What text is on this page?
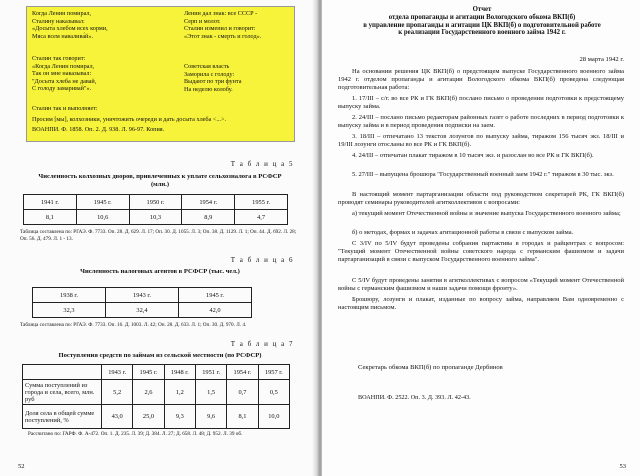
Когда Ленин помирал,
Сталину наказывал:
«Досыта хлебом всех корми,
Мяса всем навалива́й».
Ленин дал знак: все СССР -
Серп и молот.
Сталин изменил и говорит:
«Этот знак - смерть и голод».
Сталин так говорит:
«Когда Ленин помирал,
Так он мне наказывал:
"Досыта хлеба не давай,
С голоду замаривай"».
Советская власть
Заморила с голоду:
Выдают по три фунта
На неделю колобу.
Сталин так и выполняет:
Просим [мы], колхозники, уничтожить очереди и дать досыта хлеба <...>.
ВОАНПИ. Ф. 1858. Оп. 2. Д. 938. Л. 96-97. Копия.
Т а б л и ц а 5
Численность колхозных дворов, привлеченных к уплате сельхозналога в РСФСР (млн.)
1941 г.	1945 г.	1950 г.	1954 г.	1955 г.
8,1	10,6	10,3	8,9	4,7
Таблица составлена по: РГАЭ. Ф. 7733. Оп. 28. Д. 629. Л. 17; Оп. 30. Д. 1055. Л. 3; Оп. 38. Д. 1129. Л. 1; Оп. 44. Д. 692. Л. 28; Оп. 56. Д. 479. Л. 1 - 13.
Т а б л и ц а 6
Численность налоговых агентов в РСФСР (тыс. чел.)
1938 г.	1943 г.	1945 г.
32,3	32,4	42,0
Таблица составлена по: РГАЭ. Ф. 7733. Оп. 16. Д. 1003. Л. 42; Оп. 28. Д. 633. Л. 1; Оп. 30. Д. 970. Л. 4.
Т а б л и ц а 7
Поступления средств по займам из сельской местности (по РСФСР)
	1943 г.	1945 г.	1948 г.	1951 г.	1954 г.	1957 г.
Сумма поступлений из города и села, всего, млн. руб	5,2	2,6	1,2	1,5	0,7	0,5
Доля села в общей сумме поступлений, %	43,0	25,0	9,3	9,6	8,1	10,0
Рассчитано по: ГАРФ. Ф. А-472. Оп. 1. Д. 235. Л. 39; Д. 384. Л. 27; Д. 658. Л. 48; Д. 952. Л. 39 об.
52
Отчет
отдела пропаганды и агитации Вологодского обкома ВКП(б)
в управление пропаганды и агитации ЦК ВКП(б) о подготовительной работе
к реализации Государственного военного займа 1942 г.
28 марта 1942 г.
На основании решения ЦК ВКП(б) о предстоящем выпуске Государственного военного займа 1942 г. отделом пропаганды и агитации Вологодского обкома ВКП(б) проведена следующая подготовительная работа:
1. 17/III – с/г. во все РК и ГК ВКП(б) послано письмо о проведении подготовки к предстоящему выпуску займа.
2. 24/III – послано письмо редакторам районных газет о работе последних в период подготовки к выпуску займа и в период проведения подписки на заем.
3. 18/III – отпечатано 13 текстов лозунгов по выпуску займа, тиражом 156 тысяч экз. 18/III и 19/III лозунги отосланы во все РК и ГК ВКП(б).
4. 24/III – отпечатан плакат тиражом в 10 тысяч экз. и разослан во все РК и ГК ВКП(б).
5. 27/III – выпущена брошюра "Государственный военный заем 1942 г." тиражом в 30 тыс. экз.
В настоящий момент партарганизации области под руководством секретарей РК, ГК ВКП(б) проводят семинары руководителей агитколлективов с вопросами:
а) текущий момент Отечественной войны и значение выпуска Государственного военного займа;
б) о методах, формах и задачах агитационной работы в связи с выпуском займа.
С 3/IV по 5/IV будут проведены собрания партактива в городах и райцентрах с вопросом: "Текущий момент Отечественной войны советского народа с германским фашизмом и задачи партарганизаций в связи с выпуском Государственного военного займа".
С 5/IV будут проведены занятия в агитколлективах с вопросом «Текущий момент Отечественной войны с германским фашизмом и наши задачи помощи фронту».
Брошюру, лозунги и плакат, изданные по вопросу займа, направляем Вам одновременно с настоящим письмом.
Секретарь обкома ВКП(б) по пропаганде Дербинов
ВОАНПИ. Ф. 2522. Оп. 3. Д. 393. Л. 42-43.
53
